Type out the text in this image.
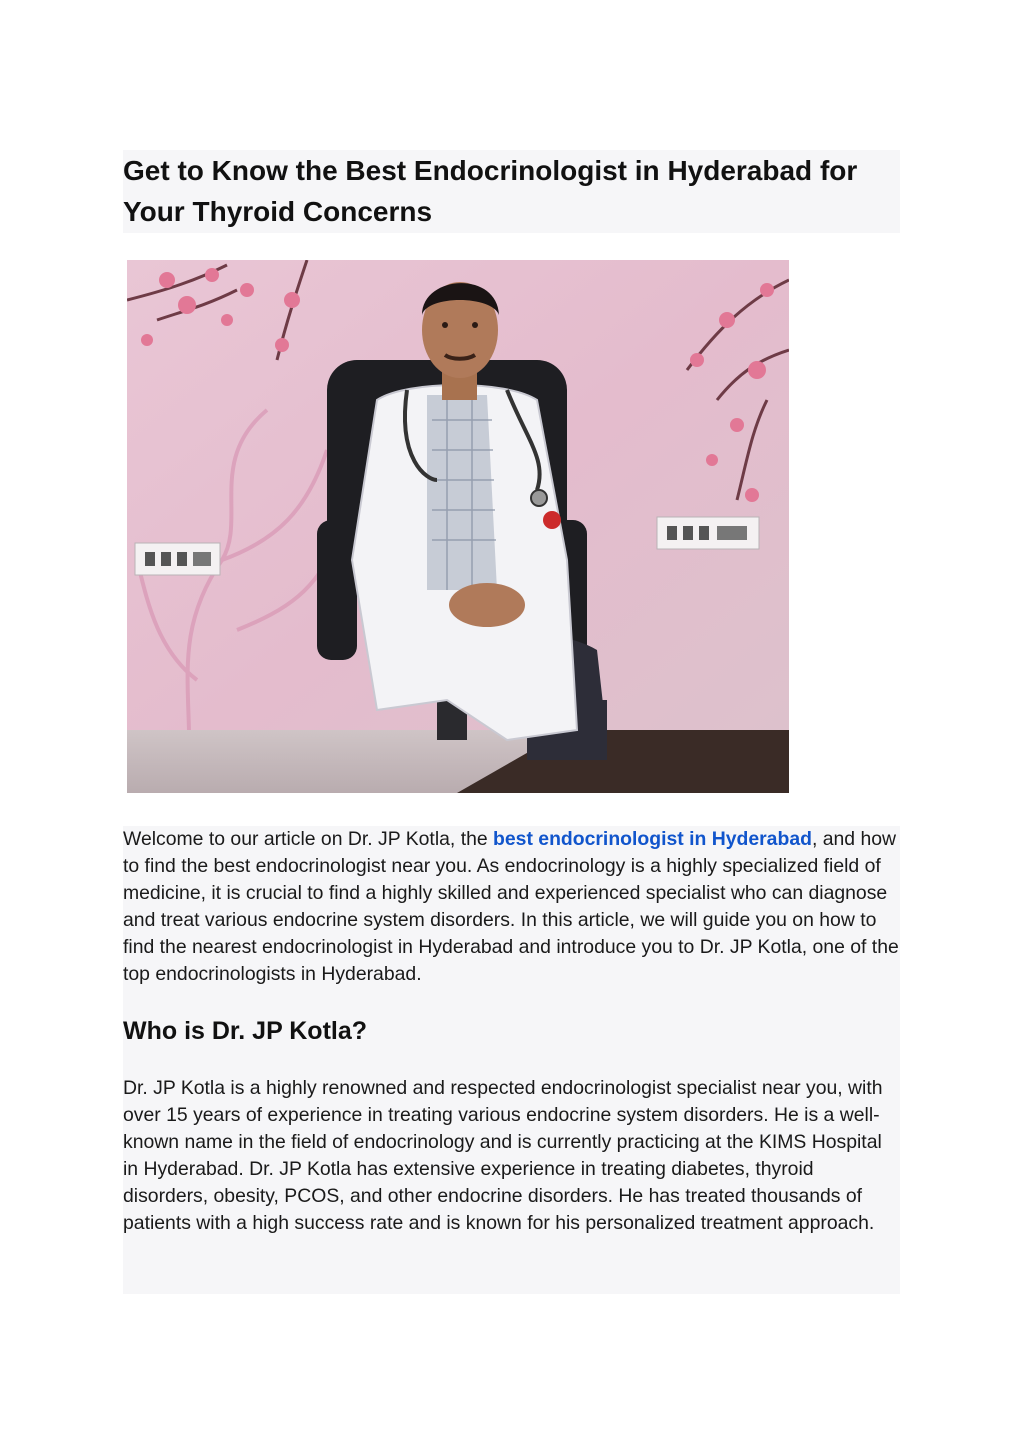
Get to Know the Best Endocrinologist in Hyderabad for Your Thyroid Concerns

Welcome to our article on Dr. JP Kotla, the best endocrinologist in Hyderabad, and how to find the best endocrinologist near you. As endocrinology is a highly specialized field of medicine, it is crucial to find a highly skilled and experienced specialist who can diagnose and treat various endocrine system disorders. In this article, we will guide you on how to find the nearest endocrinologist in Hyderabad and introduce you to Dr. JP Kotla, one of the top endocrinologists in Hyderabad.

Who is Dr. JP Kotla?

Dr. JP Kotla is a highly renowned and respected endocrinologist specialist near you, with over 15 years of experience in treating various endocrine system disorders. He is a well-known name in the field of endocrinology and is currently practicing at the KIMS Hospital in Hyderabad. Dr. JP Kotla has extensive experience in treating diabetes, thyroid disorders, obesity, PCOS, and other endocrine disorders. He has treated thousands of patients with a high success rate and is known for his personalized treatment approach.
